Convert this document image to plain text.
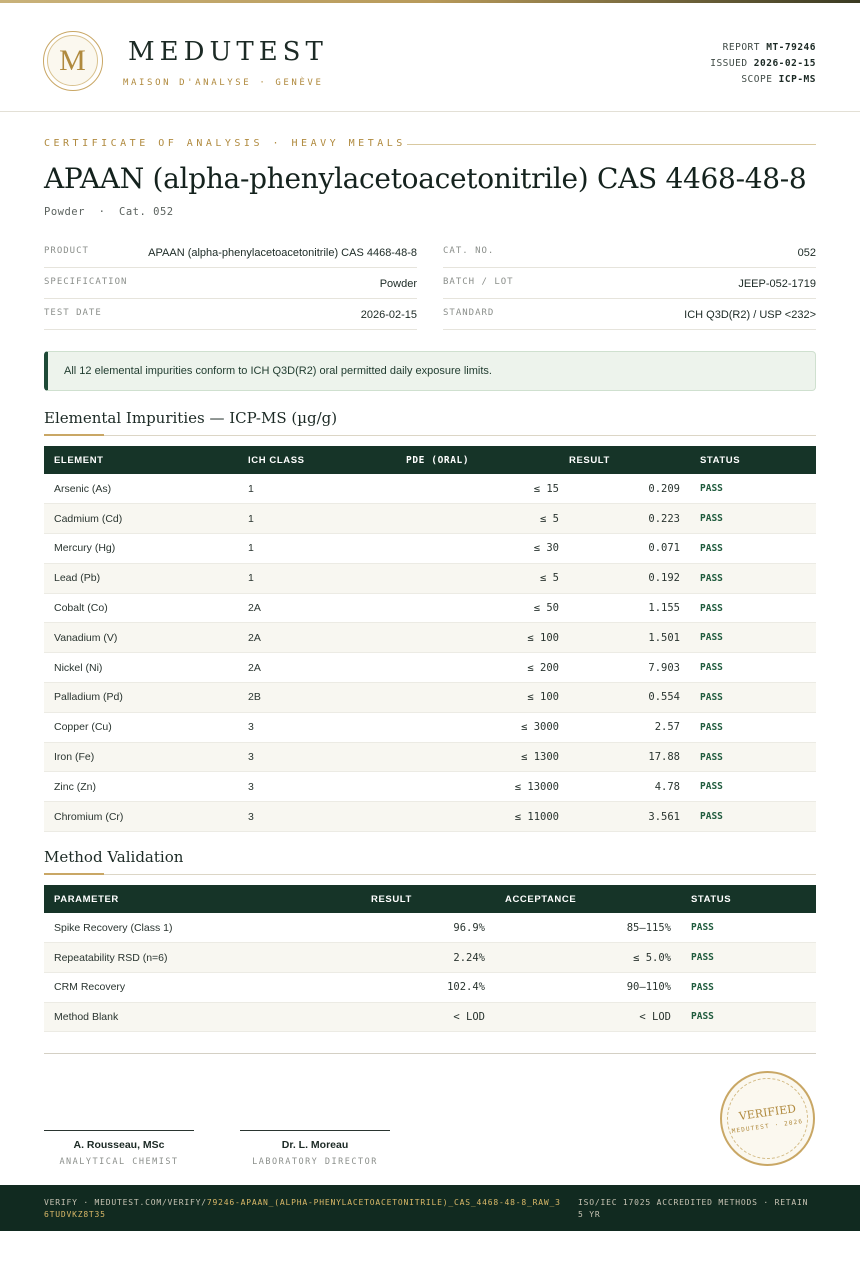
M	MEDUTEST
MAISON D'ANALYSE · GENÈVE
REPORT MT-79246
ISSUED 2026-02-15
SCOPE ICP-MS
CERTIFICATE OF ANALYSIS · HEAVY METALS
APAAN (alpha-phenylacetoacetonitrile) CAS 4468-48-8
Powder  ·  Cat. 052
PRODUCT	APAAN (alpha-phenylacetoacetonitrile) CAS 4468-48-8
SPECIFICATION	Powder
TEST DATE	2026-02-15
CAT. NO.	052
BATCH / LOT	JEEP-052-1719
STANDARD	ICH Q3D(R2) / USP <232>
All 12 elemental impurities conform to ICH Q3D(R2) oral permitted daily exposure limits.
Elemental Impurities — ICP-MS (µg/g)
ELEMENT	ICH CLASS	PDE (ORAL)	RESULT	STATUS
Arsenic (As)	1	≤ 15	0.209	PASS
Cadmium (Cd)	1	≤ 5	0.223	PASS
Mercury (Hg)	1	≤ 30	0.071	PASS
Lead (Pb)	1	≤ 5	0.192	PASS
Cobalt (Co)	2A	≤ 50	1.155	PASS
Vanadium (V)	2A	≤ 100	1.501	PASS
Nickel (Ni)	2A	≤ 200	7.903	PASS
Palladium (Pd)	2B	≤ 100	0.554	PASS
Copper (Cu)	3	≤ 3000	2.57	PASS
Iron (Fe)	3	≤ 1300	17.88	PASS
Zinc (Zn)	3	≤ 13000	4.78	PASS
Chromium (Cr)	3	≤ 11000	3.561	PASS
Method Validation
PARAMETER	RESULT	ACCEPTANCE	STATUS
Spike Recovery (Class 1)	96.9%	85–115%	PASS
Repeatability RSD (n=6)	2.24%	≤ 5.0%	PASS
CRM Recovery	102.4%	90–110%	PASS
Method Blank	< LOD	< LOD	PASS
A. Rousseau, MSc
ANALYTICAL CHEMIST
Dr. L. Moreau
LABORATORY DIRECTOR
VERIFIED
MEDUTEST · 2026
VERIFY · MEDUTEST.COM/VERIFY/79246-APAAN_(ALPHA-PHENYLACETOACETONITRILE)_CAS_4468-48-8_RAW_36TUDVKZ8T35
ISO/IEC 17025 ACCREDITED METHODS · RETAIN 5 YR
